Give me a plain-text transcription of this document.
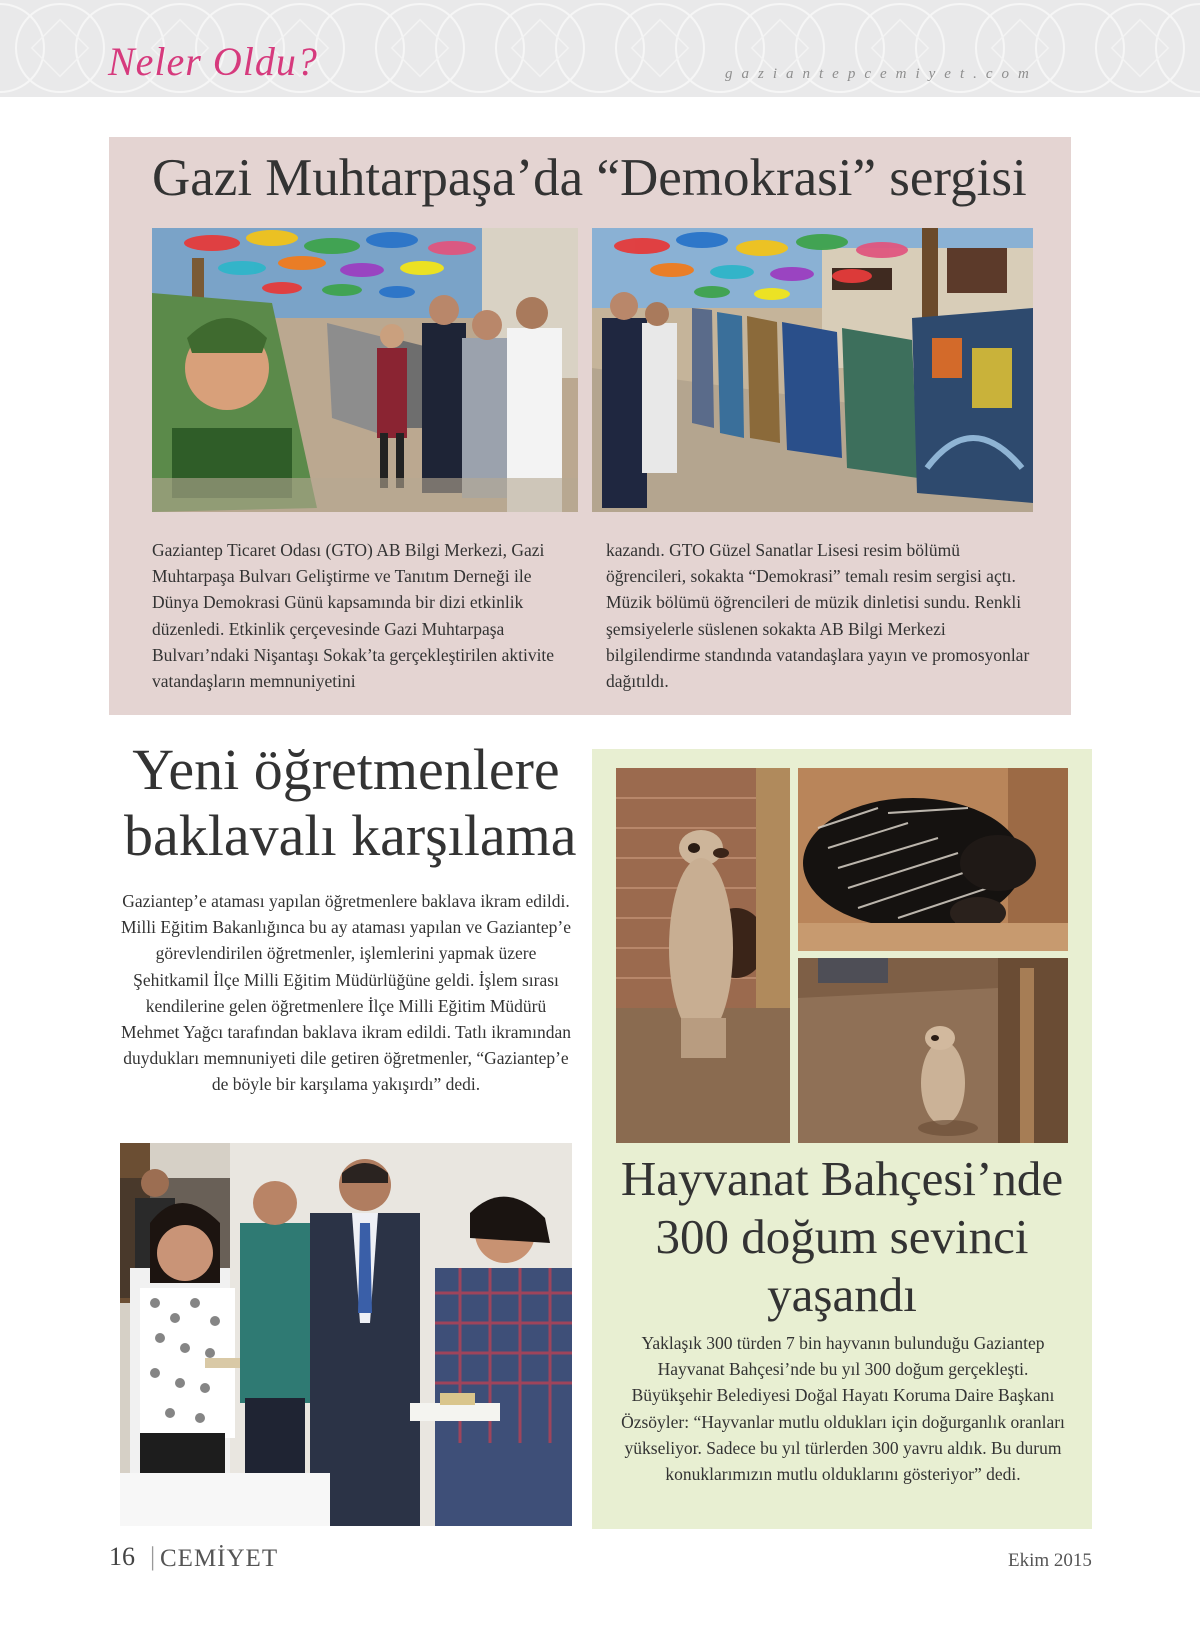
Neler Oldu?	gaziantepcemiyet.com
Gazi Muhtarpaşa’da “Demokrasi” sergisi
Gaziantep Ticaret Odası (GTO) AB Bilgi Merkezi, Gazi Muhtarpaşa Bulvarı Geliştirme ve Tanıtım Derneği ile Dünya Demokrasi Günü kapsamında bir dizi etkinlik düzenledi. Etkinlik çerçevesinde Gazi Muhtarpaşa Bulvarı’ndaki Nişantaşı Sokak’ta gerçekleştirilen aktivite vatandaşların memnuniyetini
kazandı. GTO Güzel Sanatlar Lisesi resim bölümü öğrencileri, sokakta “Demokrasi” temalı resim sergisi açtı. Müzik bölümü öğrencileri de müzik dinletisi sundu. Renkli şemsiyelerle süslenen sokakta AB Bilgi Merkezi bilgilendirme standında vatandaşlara yayın ve promosyonlar dağıtıldı.
Yeni öğretmenlere
baklavalı karşılama
Gaziantep’e ataması yapılan öğretmenlere baklava ikram edildi. Milli Eğitim Bakanlığınca bu ay ataması yapılan ve Gaziantep’e görevlendirilen öğretmenler, işlemlerini yapmak üzere Şehitkamil İlçe Milli Eğitim Müdürlüğüne geldi. İşlem sırası kendilerine gelen öğretmenlere İlçe Milli Eğitim Müdürü Mehmet Yağcı tarafından baklava ikram edildi. Tatlı ikramından duydukları memnuniyeti dile getiren öğretmenler, “Gaziantep’e de böyle bir karşılama yakışırdı” dedi.
Hayvanat Bahçesi’nde
300 doğum sevinci
yaşandı
Yaklaşık 300 türden 7 bin hayvanın bulunduğu Gaziantep Hayvanat Bahçesi’nde bu yıl 300 doğum gerçekleşti. Büyükşehir Belediyesi Doğal Hayatı Koruma Daire Başkanı Özsöyler: “Hayvanlar mutlu oldukları için doğurganlık oranları yükseliyor. Sadece bu yıl türlerden 300 yavru aldık. Bu durum konuklarımızın mutlu olduklarını gösteriyor” dedi.
16 | CEMİYET	Ekim 2015
